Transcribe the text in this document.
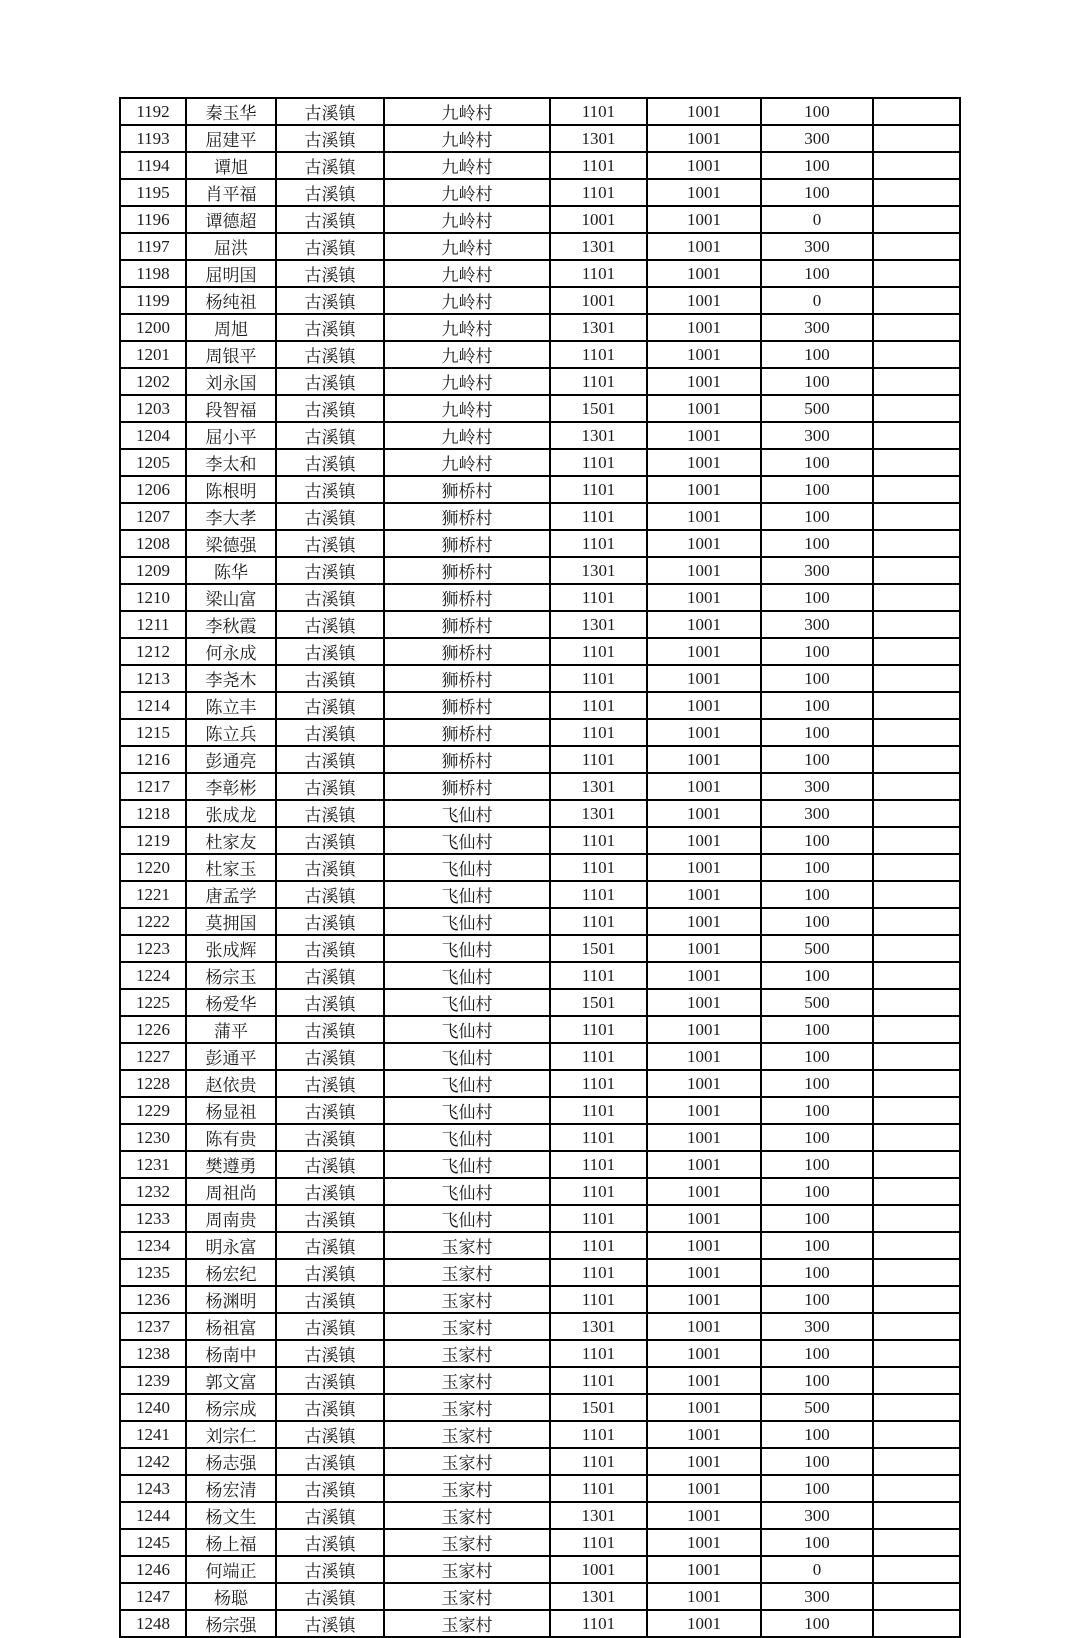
1192	秦玉华	古溪镇	九岭村	1101	1001	100	
1193	屈建平	古溪镇	九岭村	1301	1001	300	
1194	谭旭	古溪镇	九岭村	1101	1001	100	
1195	肖平福	古溪镇	九岭村	1101	1001	100	
1196	谭德超	古溪镇	九岭村	1001	1001	0	
1197	屈洪	古溪镇	九岭村	1301	1001	300	
1198	屈明国	古溪镇	九岭村	1101	1001	100	
1199	杨纯祖	古溪镇	九岭村	1001	1001	0	
1200	周旭	古溪镇	九岭村	1301	1001	300	
1201	周银平	古溪镇	九岭村	1101	1001	100	
1202	刘永国	古溪镇	九岭村	1101	1001	100	
1203	段智福	古溪镇	九岭村	1501	1001	500	
1204	屈小平	古溪镇	九岭村	1301	1001	300	
1205	李太和	古溪镇	九岭村	1101	1001	100	
1206	陈根明	古溪镇	狮桥村	1101	1001	100	
1207	李大孝	古溪镇	狮桥村	1101	1001	100	
1208	梁德强	古溪镇	狮桥村	1101	1001	100	
1209	陈华	古溪镇	狮桥村	1301	1001	300	
1210	梁山富	古溪镇	狮桥村	1101	1001	100	
1211	李秋霞	古溪镇	狮桥村	1301	1001	300	
1212	何永成	古溪镇	狮桥村	1101	1001	100	
1213	李尧木	古溪镇	狮桥村	1101	1001	100	
1214	陈立丰	古溪镇	狮桥村	1101	1001	100	
1215	陈立兵	古溪镇	狮桥村	1101	1001	100	
1216	彭通亮	古溪镇	狮桥村	1101	1001	100	
1217	李彰彬	古溪镇	狮桥村	1301	1001	300	
1218	张成龙	古溪镇	飞仙村	1301	1001	300	
1219	杜家友	古溪镇	飞仙村	1101	1001	100	
1220	杜家玉	古溪镇	飞仙村	1101	1001	100	
1221	唐孟学	古溪镇	飞仙村	1101	1001	100	
1222	莫拥国	古溪镇	飞仙村	1101	1001	100	
1223	张成辉	古溪镇	飞仙村	1501	1001	500	
1224	杨宗玉	古溪镇	飞仙村	1101	1001	100	
1225	杨爱华	古溪镇	飞仙村	1501	1001	500	
1226	蒲平	古溪镇	飞仙村	1101	1001	100	
1227	彭通平	古溪镇	飞仙村	1101	1001	100	
1228	赵依贵	古溪镇	飞仙村	1101	1001	100	
1229	杨显祖	古溪镇	飞仙村	1101	1001	100	
1230	陈有贵	古溪镇	飞仙村	1101	1001	100	
1231	樊遵勇	古溪镇	飞仙村	1101	1001	100	
1232	周祖尚	古溪镇	飞仙村	1101	1001	100	
1233	周南贵	古溪镇	飞仙村	1101	1001	100	
1234	明永富	古溪镇	玉家村	1101	1001	100	
1235	杨宏纪	古溪镇	玉家村	1101	1001	100	
1236	杨渊明	古溪镇	玉家村	1101	1001	100	
1237	杨祖富	古溪镇	玉家村	1301	1001	300	
1238	杨南中	古溪镇	玉家村	1101	1001	100	
1239	郭文富	古溪镇	玉家村	1101	1001	100	
1240	杨宗成	古溪镇	玉家村	1501	1001	500	
1241	刘宗仁	古溪镇	玉家村	1101	1001	100	
1242	杨志强	古溪镇	玉家村	1101	1001	100	
1243	杨宏清	古溪镇	玉家村	1101	1001	100	
1244	杨文生	古溪镇	玉家村	1301	1001	300	
1245	杨上福	古溪镇	玉家村	1101	1001	100	
1246	何端正	古溪镇	玉家村	1001	1001	0	
1247	杨聪	古溪镇	玉家村	1301	1001	300	
1248	杨宗强	古溪镇	玉家村	1101	1001	100	
